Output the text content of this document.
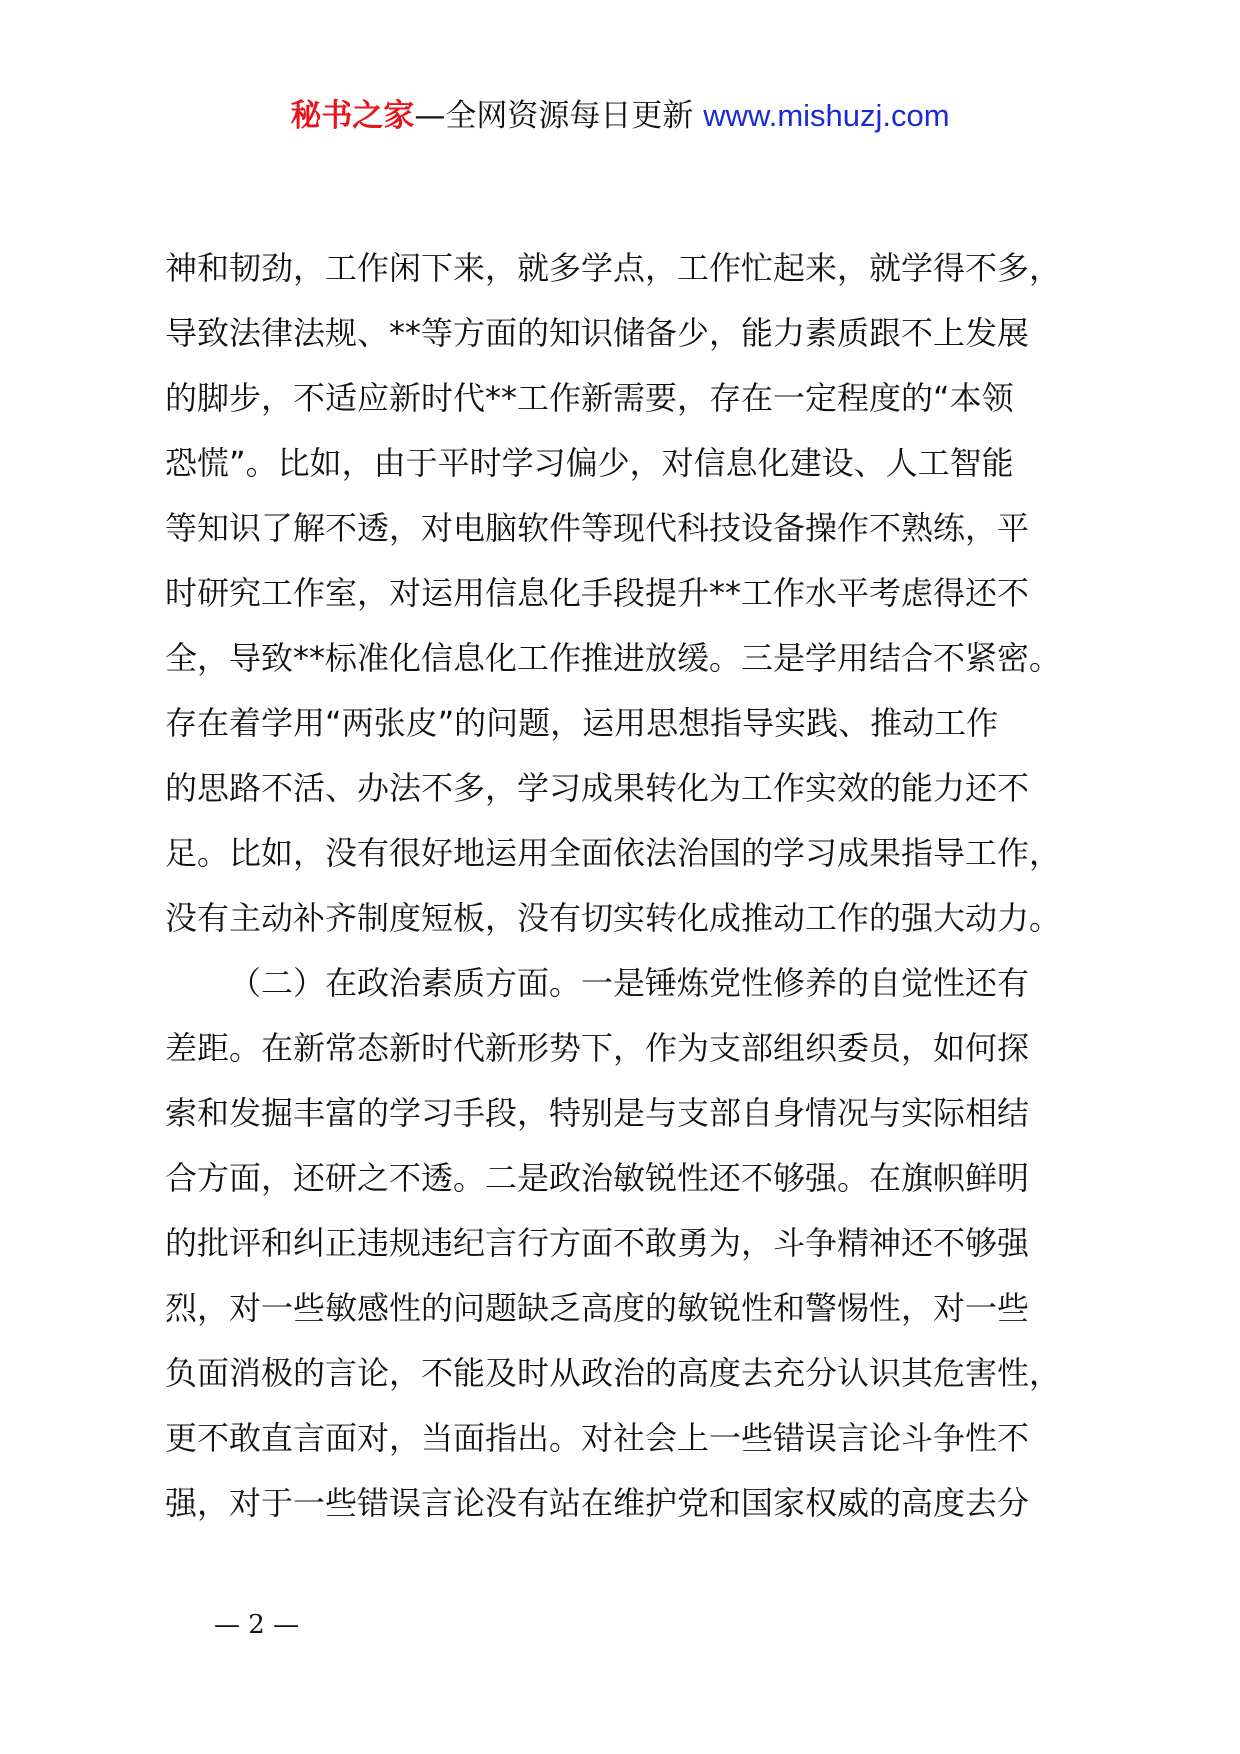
秘书之家—全网资源每日更新 www.mishuzj.com
神和韧劲，工作闲下来，就多学点，工作忙起来，就学得不多，
导致法律法规、**等方面的知识储备少，能力素质跟不上发展
的脚步，不适应新时代**工作新需要，存在一定程度的“本领
恐慌”。比如，由于平时学习偏少，对信息化建设、人工智能
等知识了解不透，对电脑软件等现代科技设备操作不熟练，平
时研究工作室，对运用信息化手段提升**工作水平考虑得还不
全，导致**标准化信息化工作推进放缓。三是学用结合不紧密。
存在着学用“两张皮”的问题，运用思想指导实践、推动工作
的思路不活、办法不多，学习成果转化为工作实效的能力还不
足。比如，没有很好地运用全面依法治国的学习成果指导工作，
没有主动补齐制度短板，没有切实转化成推动工作的强大动力。
（二）在政治素质方面。一是锤炼党性修养的自觉性还有
差距。在新常态新时代新形势下，作为支部组织委员，如何探
索和发掘丰富的学习手段，特别是与支部自身情况与实际相结
合方面，还研之不透。二是政治敏锐性还不够强。在旗帜鲜明
的批评和纠正违规违纪言行方面不敢勇为，斗争精神还不够强
烈，对一些敏感性的问题缺乏高度的敏锐性和警惕性，对一些
负面消极的言论，不能及时从政治的高度去充分认识其危害性，
更不敢直言面对，当面指出。对社会上一些错误言论斗争性不
强，对于一些错误言论没有站在维护党和国家权威的高度去分
— 2 —
